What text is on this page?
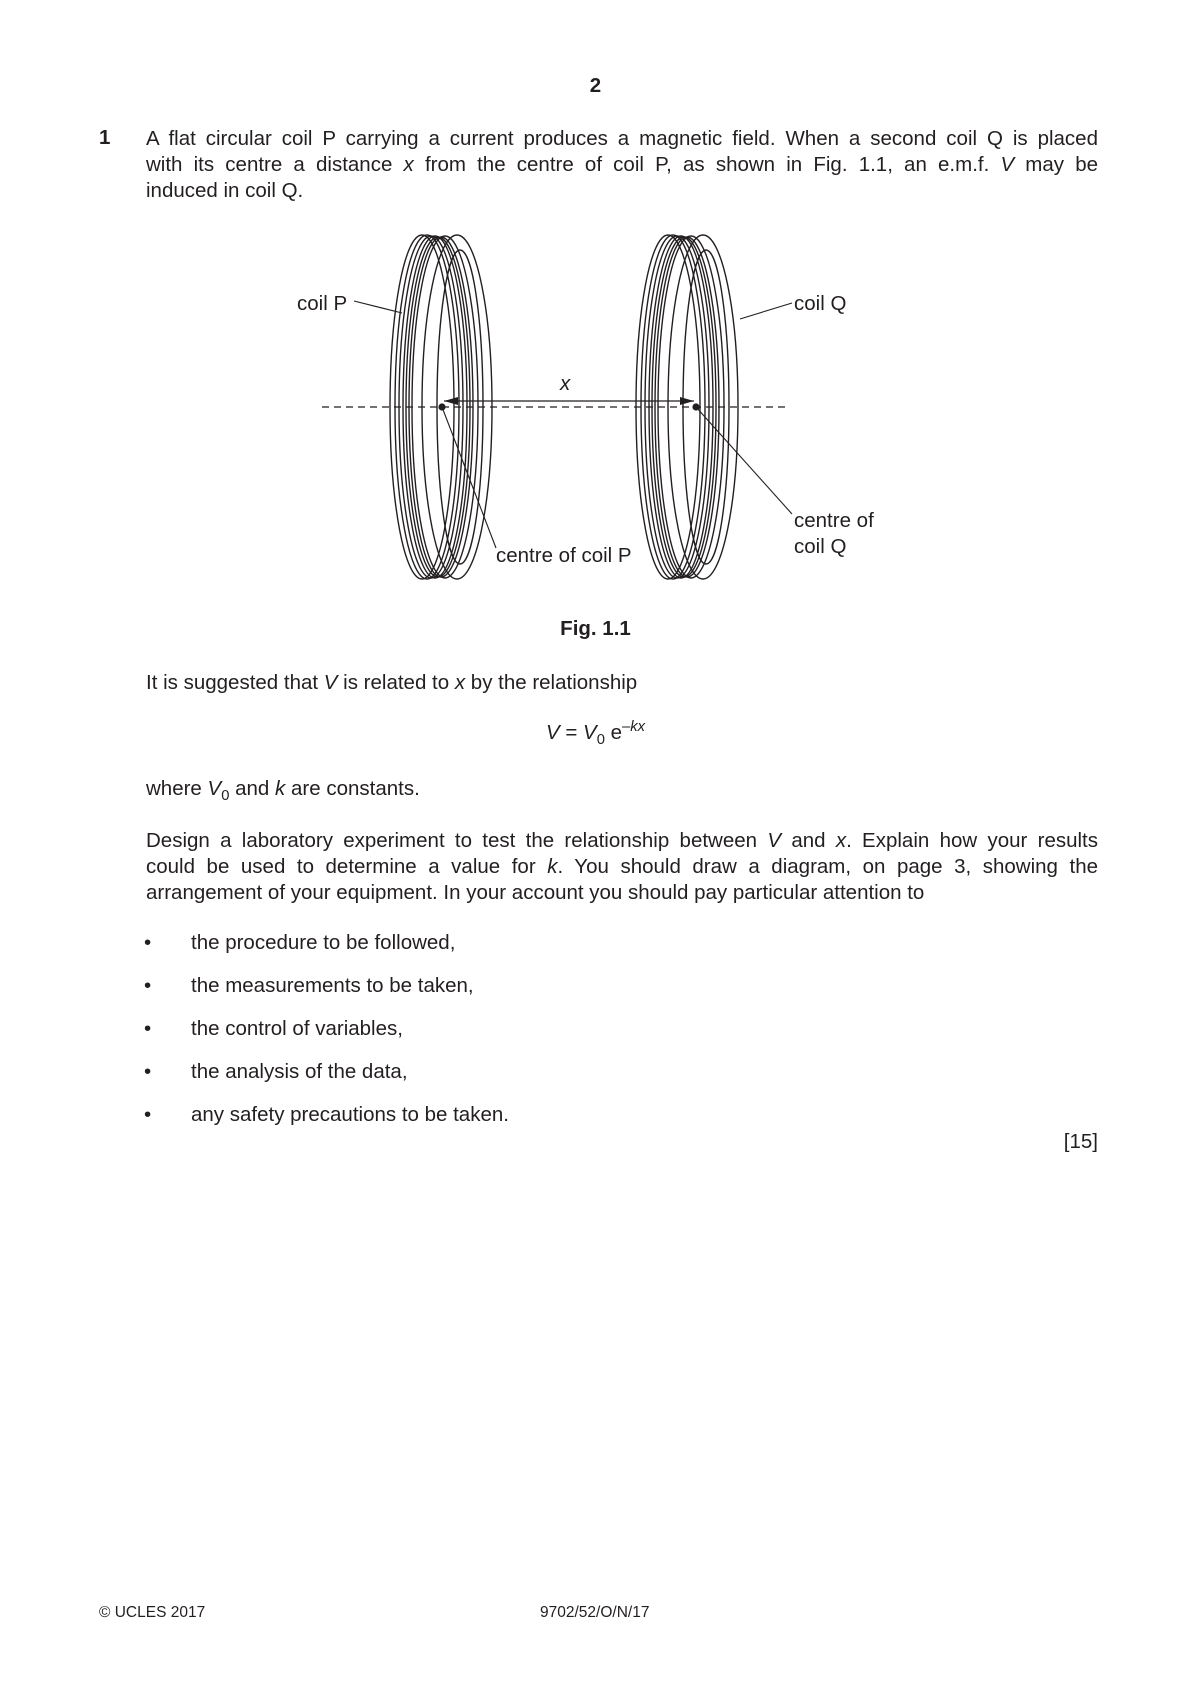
2
1 A flat circular coil P carrying a current produces a magnetic field. When a second coil Q is placed
with its centre a distance x from the centre of coil P, as shown in Fig. 1.1, an e.m.f. V may be
induced in coil Q.
coil P	coil Q
x
centre of coil P
centre of
coil Q
Fig. 1.1
It is suggested that V is related to x by the relationship
$V = V_0$ $e^{-kx}$
where $V_0$ and k are constants.
Design a laboratory experiment to test the relationship between V and x. Explain how your results
could be used to determine a value for k. You should draw a diagram, on page 3, showing the
arrangement of your equipment. In your account you should pay particular attention to
• the procedure to be followed,
• the measurements to be taken,
• the control of variables,
• the analysis of the data,
• any safety precautions to be taken.
[15]
© UCLES 2017	9702/52/O/N/17
